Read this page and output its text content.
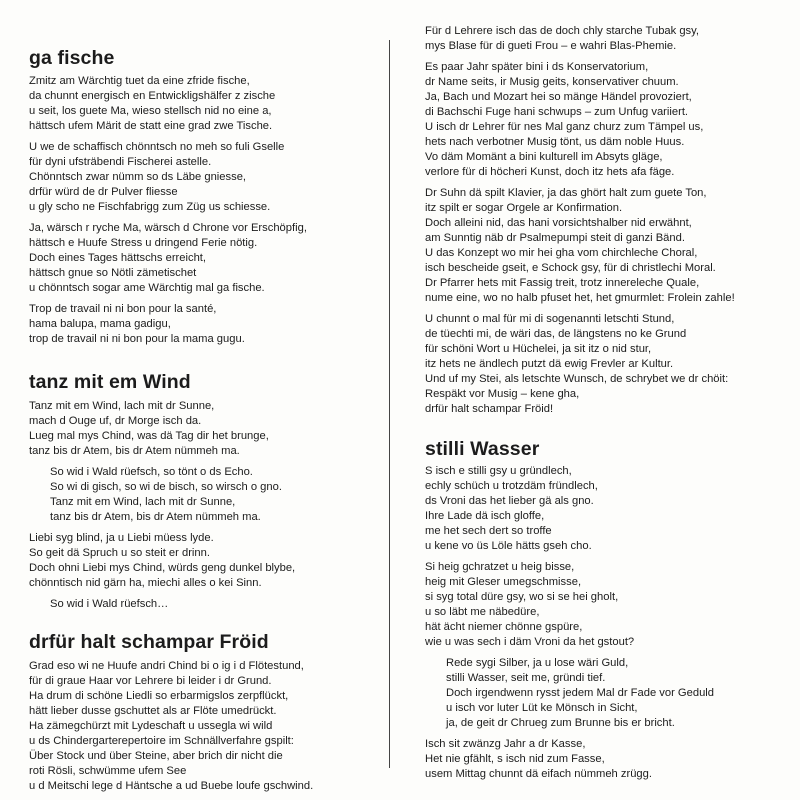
ga fische
Zmitz am Wärchtig tuet da eine zfride fische,
da chunnt energisch en Entwickligshälfer z zische
u seit, los guete Ma, wieso stellsch nid no eine a,
hättsch ufem Märit de statt eine grad zwe Tische.
U we de schaffisch chönntsch no meh so fuli Gselle
für dyni ufsträbendi Fischerei astelle.
Chönntsch zwar nümm so ds Läbe gniesse,
drfür würd de dr Pulver fliesse
u gly scho ne Fischfabrigg zum Züg us schiesse.
Ja, wärsch r ryche Ma, wärsch d Chrone vor Erschöpfig,
hättsch e Huufe Stress u dringend Ferie nötig.
Doch eines Tages hättschs erreicht,
hättsch gnue so Nötli zämetischet
u chönntsch sogar ame Wärchtig mal ga fische.
Trop de travail ni ni bon pour la santé,
hama balupa, mama gadigu,
trop de travail ni ni bon pour la mama gugu.
tanz mit em Wind
Tanz mit em Wind, lach mit dr Sunne,
mach d Ouge uf, dr Morge isch da.
Lueg mal mys Chind, was dä Tag dir het brunge,
tanz bis dr Atem, bis dr Atem nümmeh ma.
So wid i Wald rüefsch, so tönt o ds Echo.
So wi di gisch, so wi de bisch, so wirsch o gno.
Tanz mit em Wind, lach mit dr Sunne,
tanz bis dr Atem, bis dr Atem nümmeh ma.
Liebi syg blind, ja u Liebi müess lyde.
So geit dä Spruch u so steit er drinn.
Doch ohni Liebi mys Chind, würds geng dunkel blybe,
chönntisch nid gärn ha, miechi alles o kei Sinn.
So wid i Wald rüefsch…
drfür halt schampar Fröid
Grad eso wi ne Huufe andri Chind bi o ig i d Flötestund,
für di graue Haar vor Lehrere bi leider i dr Grund.
Ha drum di schöne Liedli so erbarmigslos zerpflückt,
hätt lieber dusse gschuttet als ar Flöte umedrückt.
Ha zämegchürzt mit Lydeschaft u ussegla wi wild
u ds Chindergarterepertoire im Schnällverfahre gspilt:
Über Stock und über Steine, aber brich dir nicht die
roti Rösli, schwümme ufem See
u d Meitschi lege d Häntsche a ud Buebe loufe gschwind.
Für d Lehrere isch das de doch chly starche Tubak gsy,
mys Blase für di gueti Frou – e wahri Blas-Phemie.
Es paar Jahr später bini i ds Konservatorium,
dr Name seits, ir Musig geits, konservativer chuum.
Ja, Bach und Mozart hei so mänge Händel provoziert,
di Bachschi Fuge hani schwups – zum Unfug variiert.
U isch dr Lehrer für nes Mal ganz churz zum Tämpel us,
hets nach verbotner Musig tönt, us däm noble Huus.
Vo däm Momänt a bini kulturell im Absyts gläge,
verlore für di höcheri Kunst, doch itz hets afa fäge.
Dr Suhn dä spilt Klavier, ja das ghört halt zum guete Ton,
itz spilt er sogar Orgele ar Konfirmation.
Doch alleini nid, das hani vorsichtshalber nid erwähnt,
am Sunntig näb dr Psalmepumpi steit di ganzi Bänd.
U das Konzept wo mir hei gha vom chirchleche Choral,
isch bescheide gseit, e Schock gsy, für di christlechi Moral.
Dr Pfarrer hets mit Fassig treit, trotz innereleche Quale,
nume eine, wo no halb pfuset het, het gmurmlet: Frolein zahle!
U chunnt o mal für mi di sogenannti letschti Stund,
de tüechti mi, de wäri das, de längstens no ke Grund
für schöni Wort u Hüchelei, ja sit itz o nid stur,
itz hets ne ändlech putzt dä ewig Frevler ar Kultur.
Und uf my Stei, als letschte Wunsch, de schrybet we dr chöit:
Respäkt vor Musig – kene gha,
drfür halt schampar Fröid!
stilli Wasser
S isch e stilli gsy u gründlech,
echly schüch u trotzdäm fründlech,
ds Vroni das het lieber gä als gno.
Ihre Lade dä isch gloffe,
me het sech dert so troffe
u kene vo üs Löle hätts gseh cho.
Si heig gchratzet u heig bisse,
heig mit Gleser umegschmisse,
si syg total düre gsy, wo si se hei gholt,
u so läbt me näbedüre,
hät ächt niemer chönne gspüre,
wie u was sech i däm Vroni da het gstout?
Rede sygi Silber, ja u lose wäri Guld,
stilli Wasser, seit me, gründi tief.
Doch irgendwenn rysst jedem Mal dr Fade vor Geduld
u isch vor luter Lüt ke Mönsch in Sicht,
ja, de geit dr Chrueg zum Brunne bis er bricht.
Isch sit zwänzg Jahr a dr Kasse,
Het nie gfählt, s isch nid zum Fasse,
usem Mittag chunnt dä eifach nümmeh zrügg.
